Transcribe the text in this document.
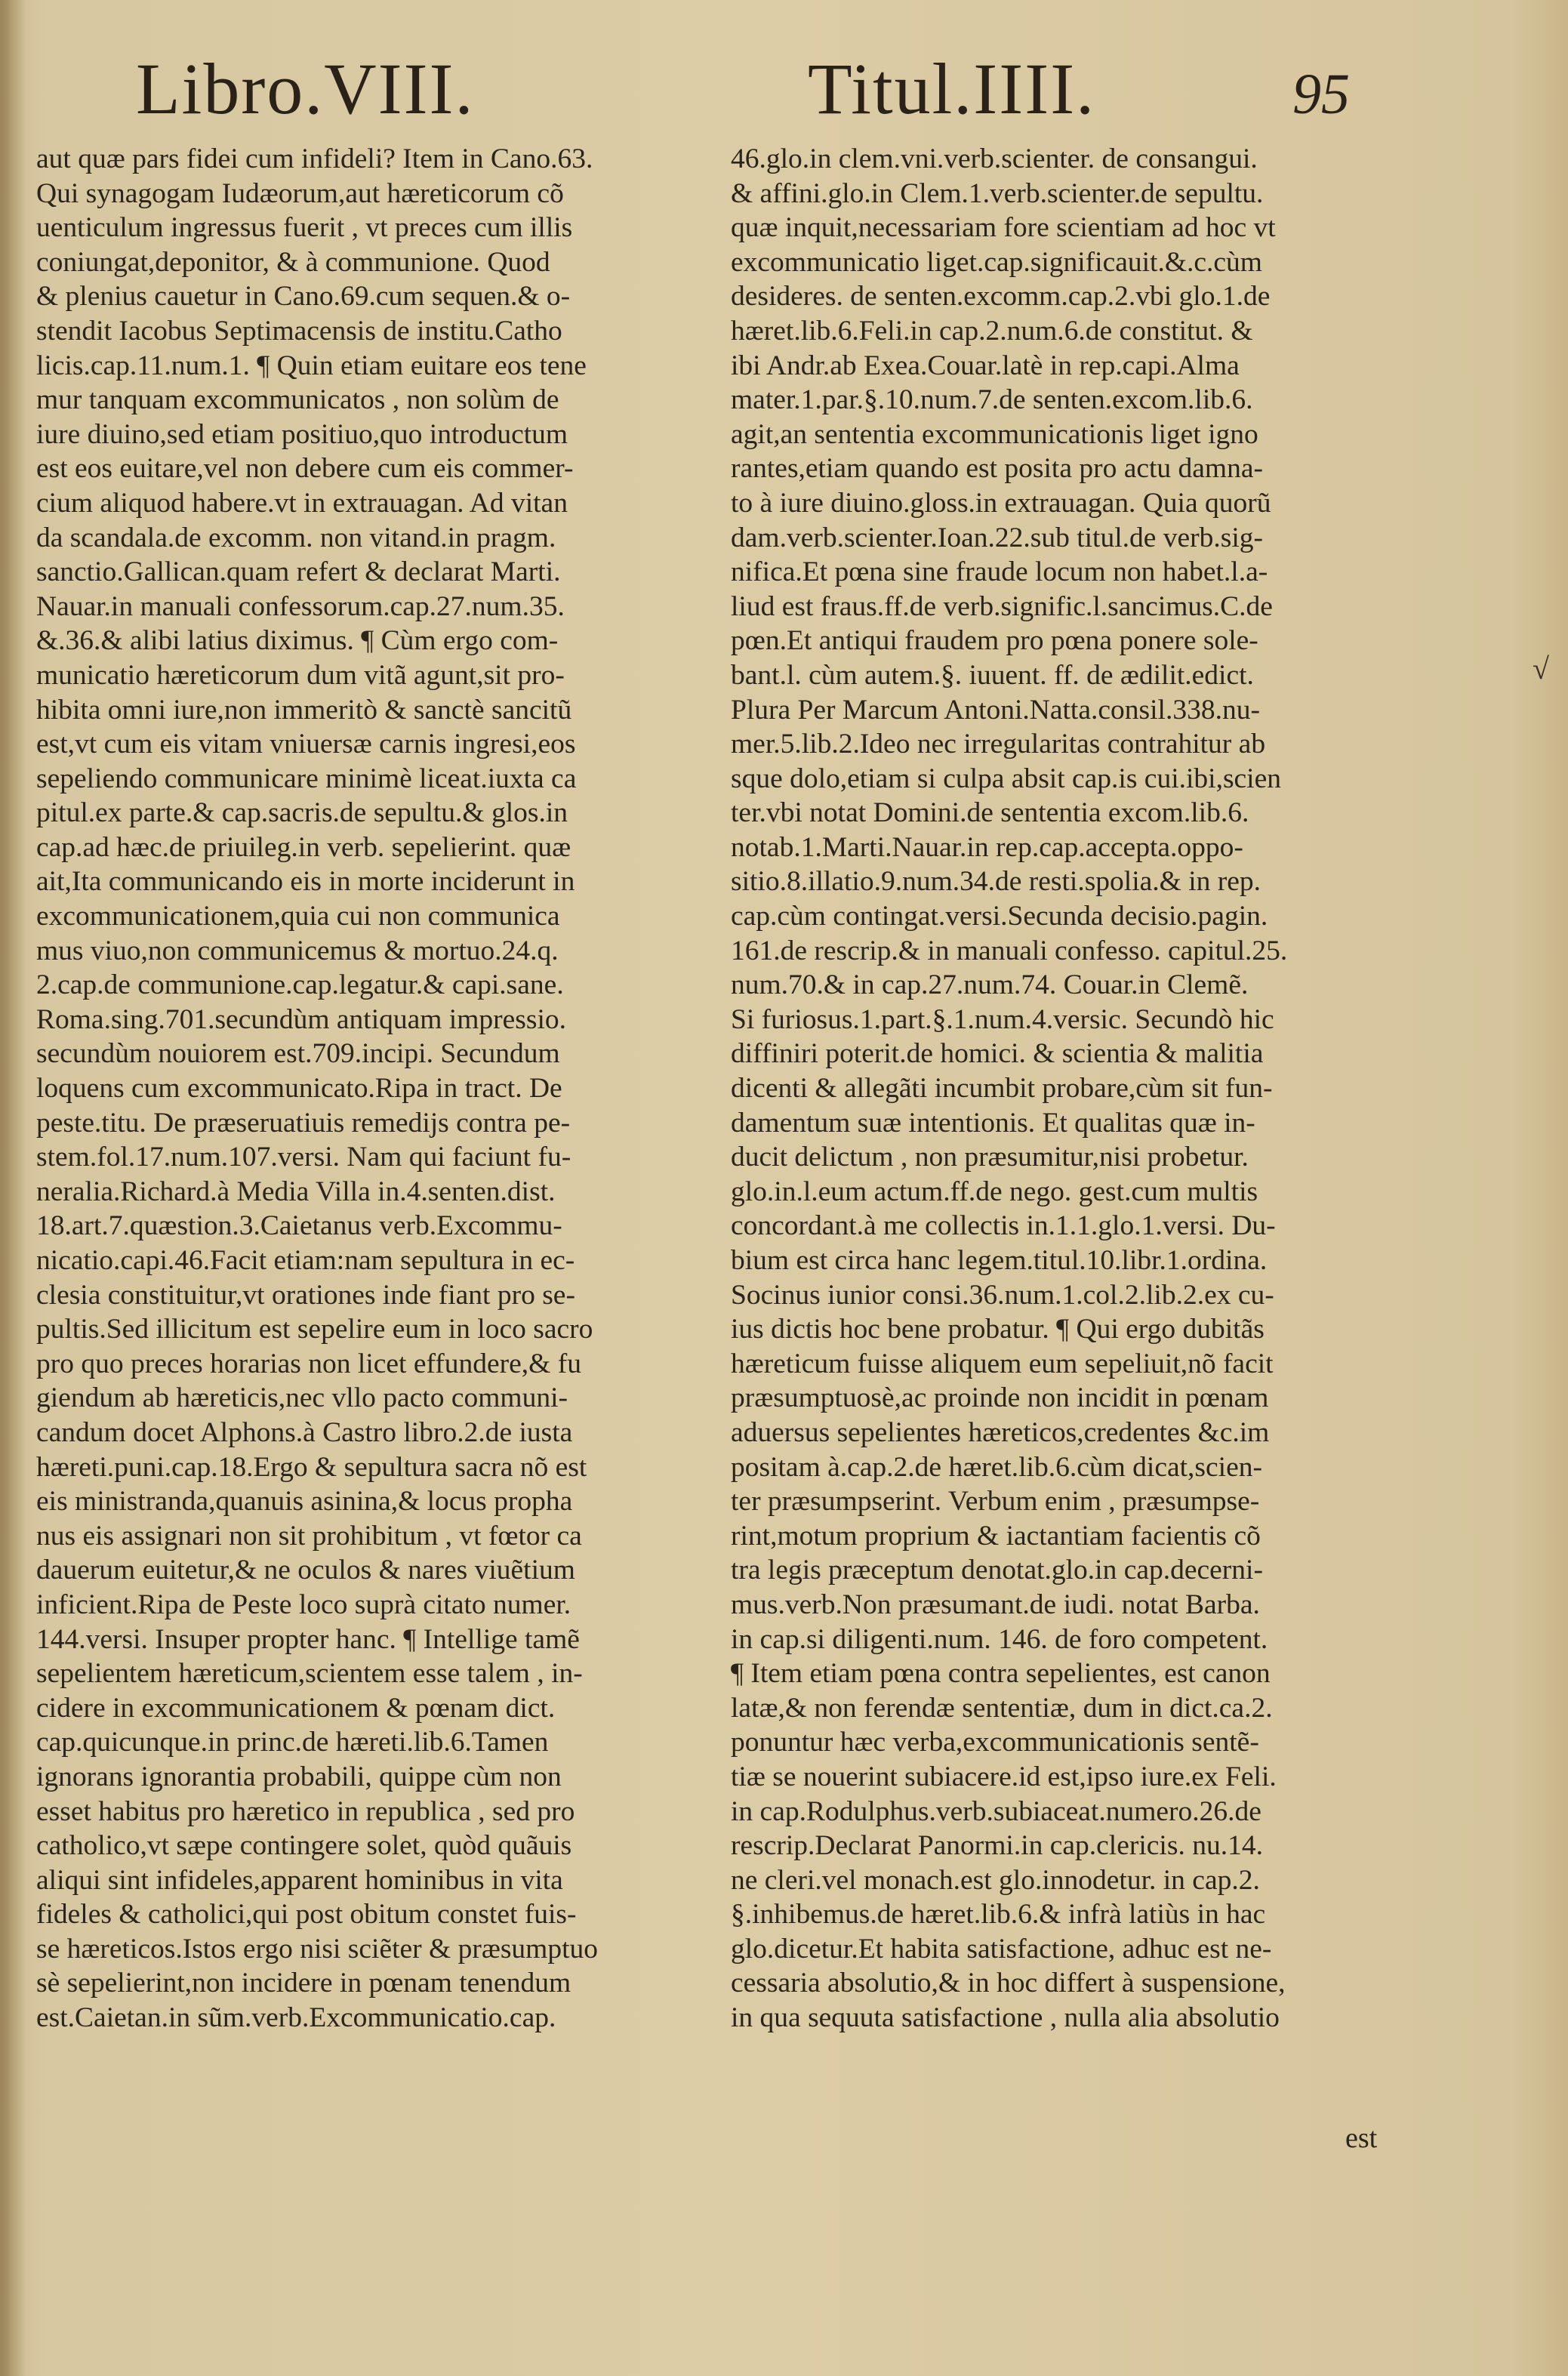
Libro.VIII.	Titul.IIII.	95
aut quæ pars fidei cum infideli? Item in Cano.63.
Qui synagogam Iudæorum,aut hæreticorum cõ
uenticulum ingressus fuerit , vt preces cum illis
coniungat,deponitor, & à communione. Quod
& plenius cauetur in Cano.69.cum sequen.& o-
stendit Iacobus Septimacensis de institu.Catho
licis.cap.11.num.1. ¶ Quin etiam euitare eos tene
mur tanquam excommunicatos , non solùm de
iure diuino,sed etiam positiuo,quo introductum
est eos euitare,vel non debere cum eis commer-
cium aliquod habere.vt in extrauagan. Ad vitan
da scandala.de excomm. non vitand.in pragm.
sanctio.Gallican.quam refert & declarat Marti.
Nauar.in manuali confessorum.cap.27.num.35.
&.36.& alibi latius diximus. ¶ Cùm ergo com-
municatio hæreticorum dum vitã agunt,sit pro-
hibita omni iure,non immeritò & sanctè sancitũ
est,vt cum eis vitam vniuersæ carnis ingresi,eos
sepeliendo communicare minimè liceat.iuxta ca
pitul.ex parte.& cap.sacris.de sepultu.& glos.in
cap.ad hæc.de priuileg.in verb. sepelierint. quæ
ait,Ita communicando eis in morte inciderunt in
excommunicationem,quia cui non communica
mus viuo,non communicemus & mortuo.24.q.
2.cap.de communione.cap.legatur.& capi.sane.
Roma.sing.701.secundùm antiquam impressio.
secundùm nouiorem est.709.incipi. Secundum
loquens cum excommunicato.Ripa in tract. De
peste.titu. De præseruatiuis remedijs contra pe-
stem.fol.17.num.107.versi. Nam qui faciunt fu-
neralia.Richard.à Media Villa in.4.senten.dist.
18.art.7.quæstion.3.Caietanus verb.Excommu-
nicatio.capi.46.Facit etiam:nam sepultura in ec-
clesia constituitur,vt orationes inde fiant pro se-
pultis.Sed illicitum est sepelire eum in loco sacro
pro quo preces horarias non licet effundere,& fu
giendum ab hæreticis,nec vllo pacto communi-
candum docet Alphons.à Castro libro.2.de iusta
hæreti.puni.cap.18.Ergo & sepultura sacra nõ est
eis ministranda,quanuis asinina,& locus propha
nus eis assignari non sit prohibitum , vt fœtor ca
dauerum euitetur,& ne oculos & nares viuẽtium
inficient.Ripa de Peste loco suprà citato numer.
144.versi. Insuper propter hanc. ¶ Intellige tamẽ
sepelientem hæreticum,scientem esse talem , in-
cidere in excommunicationem & pœnam dict.
cap.quicunque.in princ.de hæreti.lib.6.Tamen
ignorans ignorantia probabili, quippe cùm non
esset habitus pro hæretico in republica , sed pro
catholico,vt sæpe contingere solet, quòd quãuis
aliqui sint infideles,apparent hominibus in vita
fideles & catholici,qui post obitum constet fuis-
se hæreticos.Istos ergo nisi sciẽter & præsumptuo
sè sepelierint,non incidere in pœnam tenendum
est.Caietan.in sũm.verb.Excommunicatio.cap.
46.glo.in clem.vni.verb.scienter. de consangui.
& affini.glo.in Clem.1.verb.scienter.de sepultu.
quæ inquit,necessariam fore scientiam ad hoc vt
excommunicatio liget.cap.significauit.&.c.cùm
desideres. de senten.excomm.cap.2.vbi glo.1.de
hæret.lib.6.Feli.in cap.2.num.6.de constitut. &
ibi Andr.ab Exea.Couar.latè in rep.capi.Alma
mater.1.par.§.10.num.7.de senten.excom.lib.6.
agit,an sententia excommunicationis liget igno
rantes,etiam quando est posita pro actu damna-
to à iure diuino.gloss.in extrauagan. Quia quorũ
dam.verb.scienter.Ioan.22.sub titul.de verb.sig-
nifica.Et pœna sine fraude locum non habet.l.a-
liud est fraus.ff.de verb.signific.l.sancimus.C.de
pœn.Et antiqui fraudem pro pœna ponere sole-
bant.l. cùm autem.§. iuuent. ff. de ædilit.edict.
Plura Per Marcum Antoni.Natta.consil.338.nu-
mer.5.lib.2.Ideo nec irregularitas contrahitur ab
sque dolo,etiam si culpa absit cap.is cui.ibi,scien
ter.vbi notat Domini.de sententia excom.lib.6.
notab.1.Marti.Nauar.in rep.cap.accepta.oppo-
sitio.8.illatio.9.num.34.de resti.spolia.& in rep.
cap.cùm contingat.versi.Secunda decisio.pagin.
161.de rescrip.& in manuali confesso. capitul.25.
num.70.& in cap.27.num.74. Couar.in Clemẽ.
Si furiosus.1.part.§.1.num.4.versic. Secundò hic
diffiniri poterit.de homici. & scientia & malitia
dicenti & allegãti incumbit probare,cùm sit fun-
damentum suæ intentionis. Et qualitas quæ in-
ducit delictum , non præsumitur,nisi probetur.
glo.in.l.eum actum.ff.de nego. gest.cum multis
concordant.à me collectis in.1.1.glo.1.versi. Du-
bium est circa hanc legem.titul.10.libr.1.ordina.
Socinus iunior consi.36.num.1.col.2.lib.2.ex cu-
ius dictis hoc bene probatur. ¶ Qui ergo dubitãs
hæreticum fuisse aliquem eum sepeliuit,nõ facit
præsumptuosè,ac proinde non incidit in pœnam
aduersus sepelientes hæreticos,credentes &c.im
positam à.cap.2.de hæret.lib.6.cùm dicat,scien-
ter præsumpserint. Verbum enim , præsumpse-
rint,motum proprium & iactantiam facientis cõ
tra legis præceptum denotat.glo.in cap.decerni-
mus.verb.Non præsumant.de iudi. notat Barba.
in cap.si diligenti.num. 146. de foro competent.
¶ Item etiam pœna contra sepelientes, est canon
latæ,& non ferendæ sententiæ, dum in dict.ca.2.
ponuntur hæc verba,excommunicationis sentẽ-
tiæ se nouerint subiacere.id est,ipso iure.ex Feli.
in cap.Rodulphus.verb.subiaceat.numero.26.de
rescrip.Declarat Panormi.in cap.clericis. nu.14.
ne cleri.vel monach.est glo.innodetur. in cap.2.
§.inhibemus.de hæret.lib.6.& infrà latiùs in hac
glo.dicetur.Et habita satisfactione, adhuc est ne-
cessaria absolutio,& in hoc differt à suspensione,
in qua sequuta satisfactione , nulla alia absolutio
est
√
